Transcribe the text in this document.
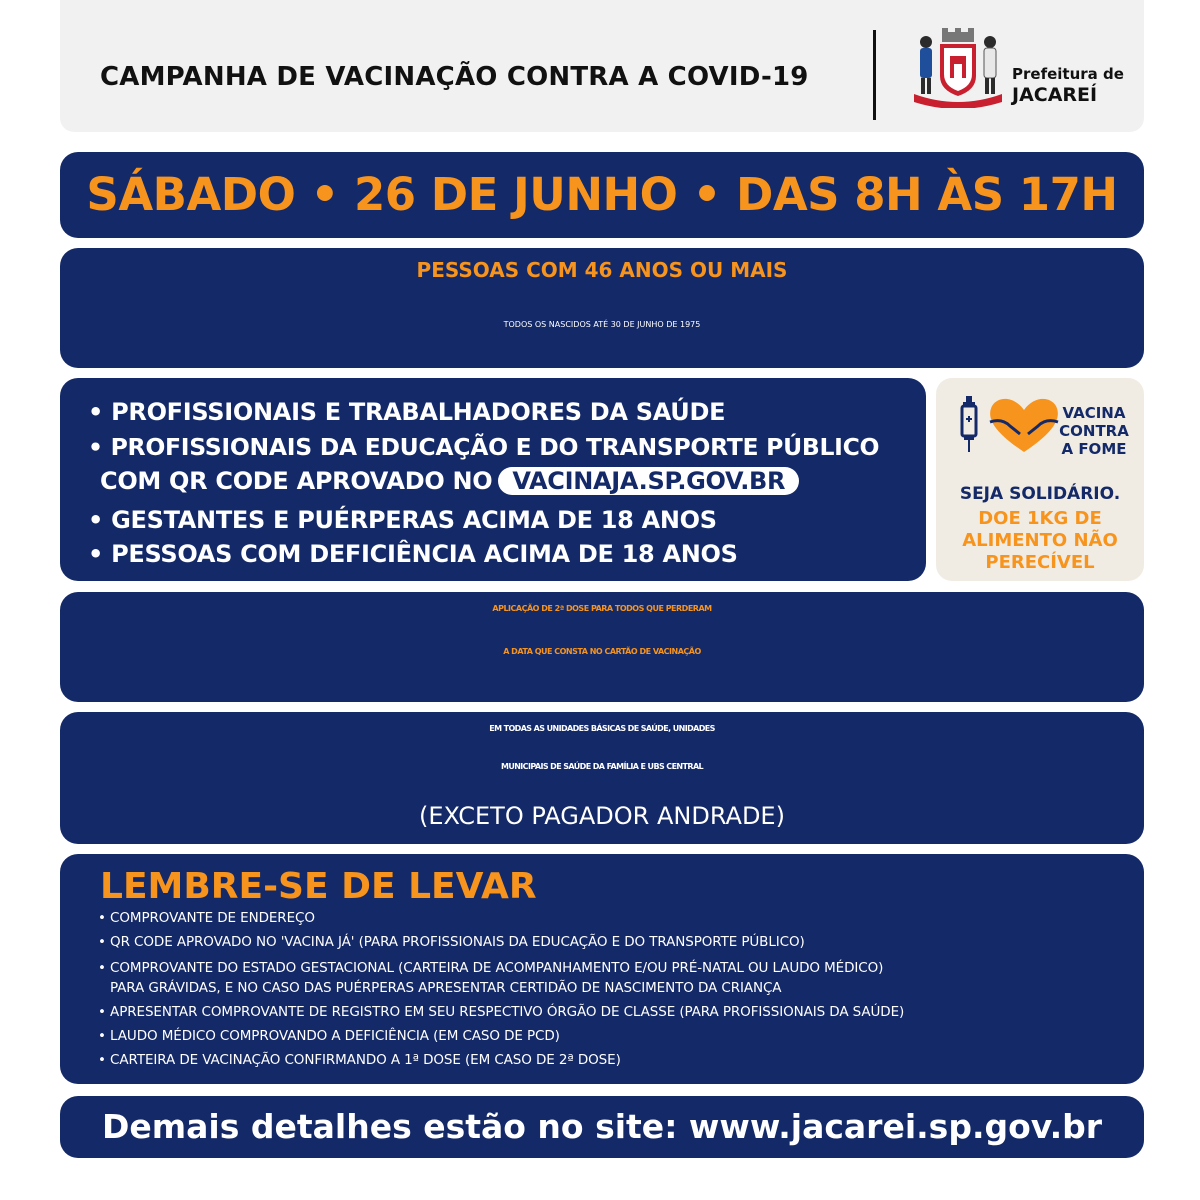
CAMPANHA DE VACINAÇÃO CONTRA A COVID-19	Prefeitura de
JACAREÍ
SÁBADO • 26 DE JUNHO • DAS 8H ÀS 17H
PESSOAS COM 46 ANOS OU MAIS
TODOS OS NASCIDOS ATÉ 30 DE JUNHO DE 1975
• PROFISSIONAIS E TRABALHADORES DA SAÚDE
• PROFISSIONAIS DA EDUCAÇÃO E DO TRANSPORTE PÚBLICO
COM QR CODE APROVADO NO VACINAJA.SP.GOV.BR
• GESTANTES E PUÉRPERAS ACIMA DE 18 ANOS
• PESSOAS COM DEFICIÊNCIA ACIMA DE 18 ANOS
VACINA
CONTRA
A FOME
SEJA SOLIDÁRIO.
DOE 1KG DE
ALIMENTO NÃO
PERECÍVEL
APLICAÇÃO DE 2ª DOSE PARA TODOS QUE PERDERAM
A DATA QUE CONSTA NO CARTÃO DE VACINAÇÃO
EM TODAS AS UNIDADES BÁSICAS DE SAÚDE, UNIDADES
MUNICIPAIS DE SAÚDE DA FAMÍLIA E UBS CENTRAL
(EXCETO PAGADOR ANDRADE)
LEMBRE-SE DE LEVAR
• COMPROVANTE DE ENDEREÇO
• QR CODE APROVADO NO 'VACINA JÁ' (PARA PROFISSIONAIS DA EDUCAÇÃO E DO TRANSPORTE PÚBLICO)
• COMPROVANTE DO ESTADO GESTACIONAL (CARTEIRA DE ACOMPANHAMENTO E/OU PRÉ-NATAL OU LAUDO MÉDICO)
PARA GRÁVIDAS, E NO CASO DAS PUÉRPERAS APRESENTAR CERTIDÃO DE NASCIMENTO DA CRIANÇA
• APRESENTAR COMPROVANTE DE REGISTRO EM SEU RESPECTIVO ÓRGÃO DE CLASSE (PARA PROFISSIONAIS DA SAÚDE)
• LAUDO MÉDICO COMPROVANDO A DEFICIÊNCIA (EM CASO DE PCD)
• CARTEIRA DE VACINAÇÃO CONFIRMANDO A 1ª DOSE (EM CASO DE 2ª DOSE)
Demais detalhes estão no site: www.jacarei.sp.gov.br
